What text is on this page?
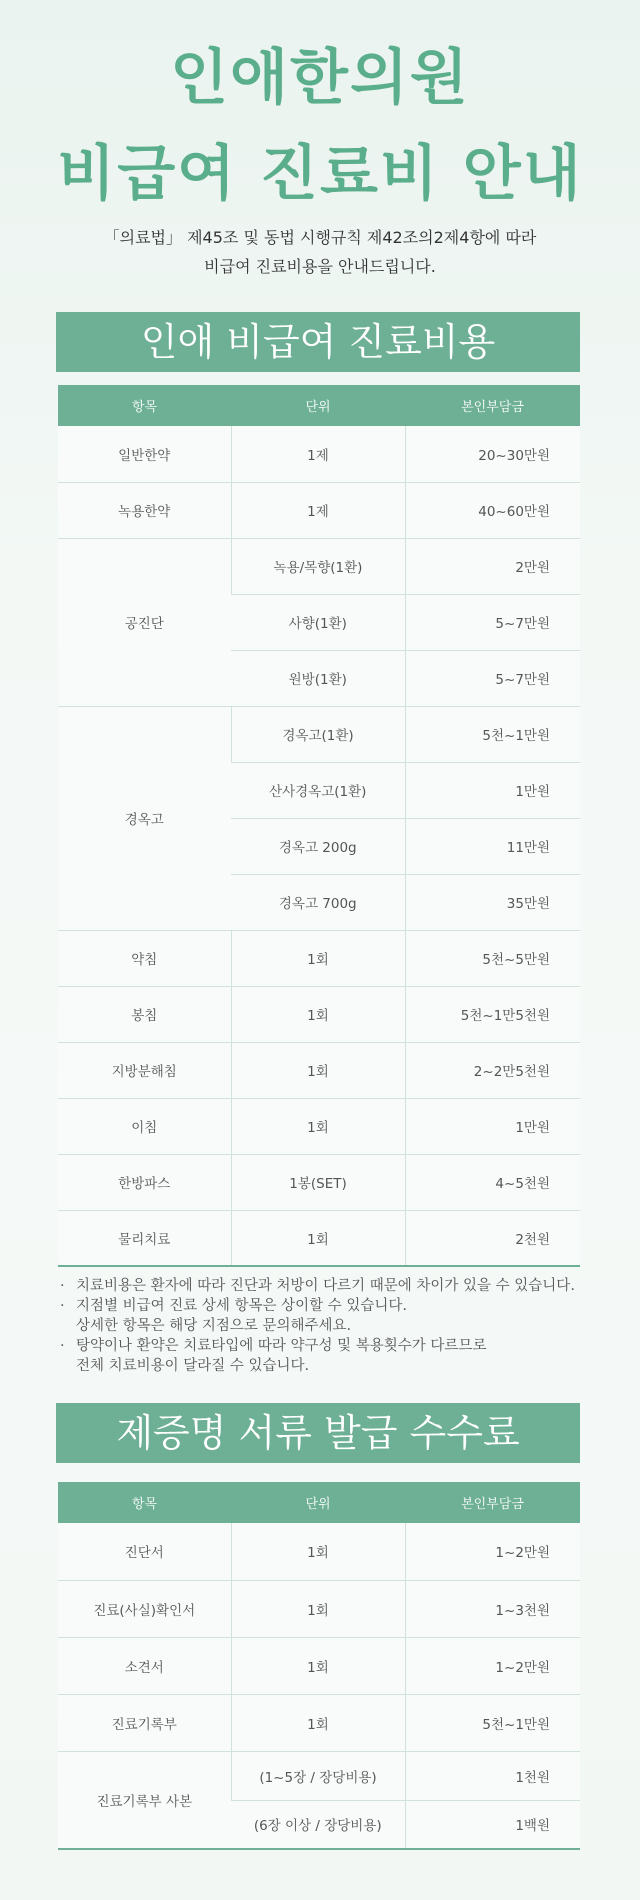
인애한의원
비급여 진료비 안내
「의료법」 제45조 및 동법 시행규칙 제42조의2제4항에 따라
비급여 진료비용을 안내드립니다.
인애 비급여 진료비용
항목	단위	본인부담금
일반한약	1제	20~30만원
녹용한약	1제	40~60만원
공진단	녹용/목향(1환)	2만원
	사향(1환)	5~7만원
	원방(1환)	5~7만원
경옥고	경옥고(1환)	5천~1만원
	산사경옥고(1환)	1만원
	경옥고 200g	11만원
	경옥고 700g	35만원
약침	1회	5천~5만원
봉침	1회	5천~1만5천원
지방분해침	1회	2~2만5천원
이침	1회	1만원
한방파스	1봉(SET)	4~5천원
물리치료	1회	2천원
· 치료비용은 환자에 따라 진단과 처방이 다르기 때문에 차이가 있을 수 있습니다.
· 지점별 비급여 진료 상세 항목은 상이할 수 있습니다.
상세한 항목은 해당 지점으로 문의해주세요.
· 탕약이나 환약은 치료타입에 따라 약구성 및 복용횟수가 다르므로
전체 치료비용이 달라질 수 있습니다.
제증명 서류 발급 수수료
항목	단위	본인부담금
진단서	1회	1~2만원
진료(사실)확인서	1회	1~3천원
소견서	1회	1~2만원
진료기록부	1회	5천~1만원
진료기록부 사본	(1~5장 / 장당비용)	1천원
	(6장 이상 / 장당비용)	1백원
